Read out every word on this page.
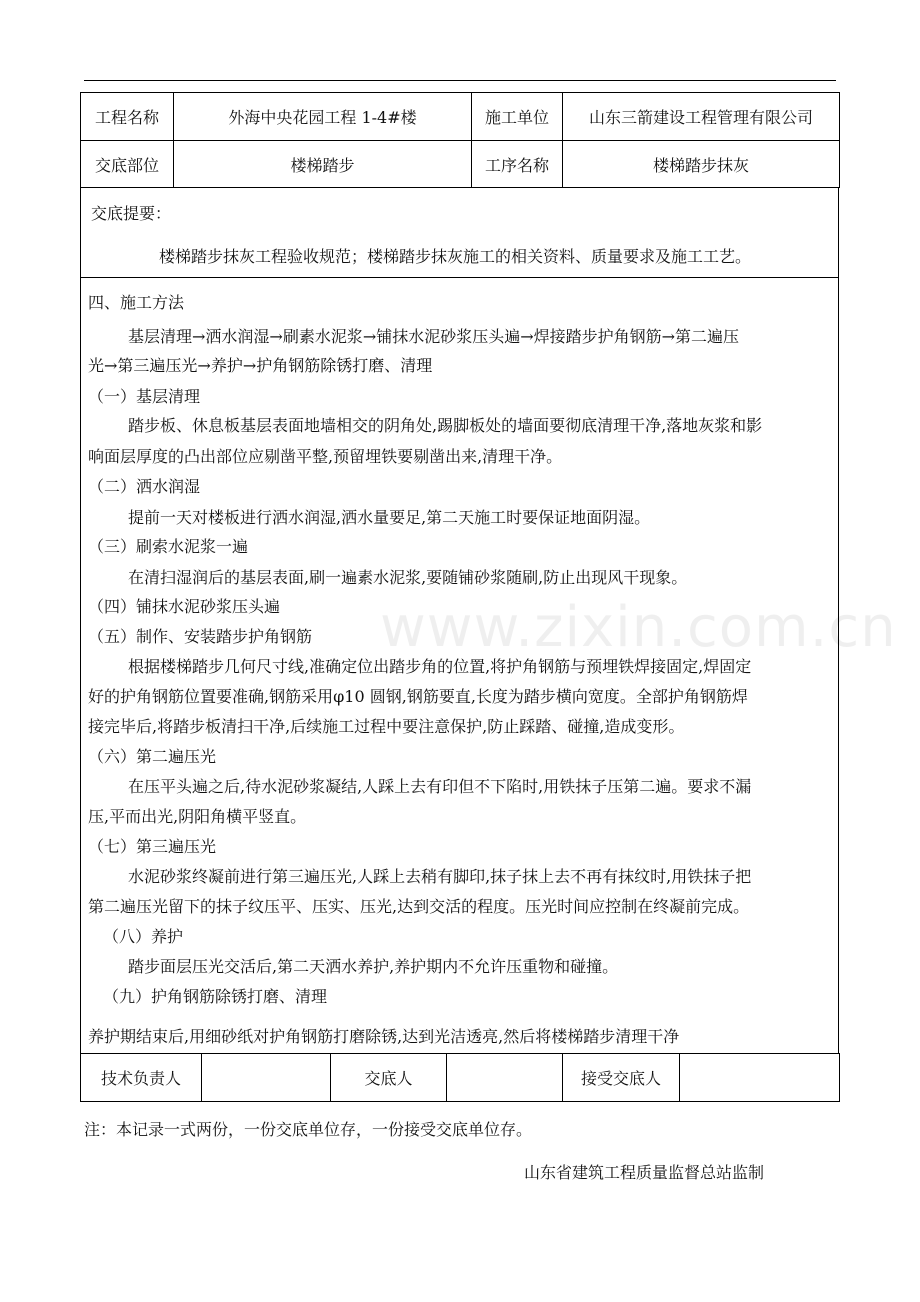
工程名称	外海中央花园工程 1-4#楼	施工单位	山东三箭建设工程管理有限公司
交底部位	楼梯踏步	工序名称	楼梯踏步抹灰
交底提要：
楼梯踏步抹灰工程验收规范；楼梯踏步抹灰施工的相关资料、质量要求及施工工艺。
四、施工方法
基层清理→洒水润湿→刷素水泥浆→铺抹水泥砂浆压头遍→焊接踏步护角钢筋→第二遍压
光→第三遍压光→养护→护角钢筋除锈打磨、清理
（一）基层清理
踏步板、休息板基层表面地墙相交的阴角处,踢脚板处的墙面要彻底清理干净,落地灰浆和影
响面层厚度的凸出部位应剔凿平整,预留埋铁要剔凿出来,清理干净。
（二）洒水润湿
提前一天对楼板进行洒水润湿,洒水量要足,第二天施工时要保证地面阴湿。
（三）刷索水泥浆一遍
在清扫湿润后的基层表面,刷一遍素水泥浆,要随铺砂浆随刷,防止出现风干现象。
（四）铺抹水泥砂浆压头遍
（五）制作、安装踏步护角钢筋
根据楼梯踏步几何尺寸线,准确定位出踏步角的位置,将护角钢筋与预埋铁焊接固定,焊固定
好的护角钢筋位置要准确,钢筋采用φ10 圆钢,钢筋要直,长度为踏步横向宽度。全部护角钢筋焊
接完毕后,将踏步板清扫干净,后续施工过程中要注意保护,防止踩踏、碰撞,造成变形。
（六）第二遍压光
在压平头遍之后,待水泥砂浆凝结,人踩上去有印但不下陷时,用铁抹子压第二遍。要求不漏
压,平而出光,阴阳角横平竖直。
（七）第三遍压光
水泥砂浆终凝前进行第三遍压光,人踩上去稍有脚印,抹子抹上去不再有抹纹时,用铁抹子把
第二遍压光留下的抹子纹压平、压实、压光,达到交活的程度。压光时间应控制在终凝前完成。
（八）养护
踏步面层压光交活后,第二天洒水养护,养护期内不允许压重物和碰撞。
（九）护角钢筋除锈打磨、清理
养护期结束后,用细砂纸对护角钢筋打磨除锈,达到光洁透亮,然后将楼梯踏步清理干净
www.zixin.com.cn
技术负责人		交底人		接受交底人	
注：本记录一式两份，一份交底单位存，一份接受交底单位存。
山东省建筑工程质量监督总站监制
